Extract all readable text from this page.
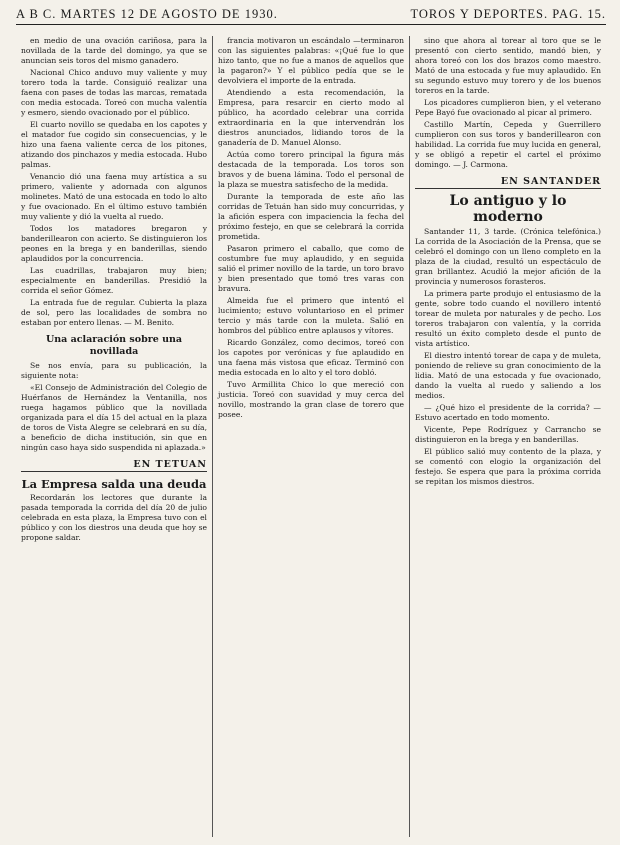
A B C. MARTES 12 DE AGOSTO DE 1930.	TOROS Y DEPORTES. PAG. 15.

en medio de una ovación cariñosa, para la novillada de la tarde del domingo, ya que se anuncian seis toros del mismo ganadero.

Nacional Chico anduvo muy valiente y muy torero toda la tarde. Consiguió realizar una faena con pases de todas las marcas, rematada con media estocada. Toreó con mucha valentía y esmero, siendo ovacionado por el público.

El cuarto novillo se quedaba en los capotes y el matador fue cogido sin consecuencias, y le hizo una faena valiente cerca de los pitones, atizando dos pinchazos y media estocada. Hubo palmas.

Venancio dió una faena muy artística a su primero, valiente y adornada con algunos molinetes. Mató de una estocada en todo lo alto y fue ovacionado. En el último estuvo también muy valiente y dió la vuelta al ruedo.

Todos los matadores bregaron y banderillearon con acierto. Se distinguieron los peones en la brega y en banderillas, siendo aplaudidos por la concurrencia.

Las cuadrillas, trabajaron muy bien; especialmente en banderillas. Presidió la corrida el señor Gómez.

La entrada fue de regular. Cubierta la plaza de sol, pero las localidades de sombra no estaban por entero llenas. — M. Benito.

Una aclaración sobre una novillada

Se nos envía, para su publicación, la siguiente nota:

«El Consejo de Administración del Colegio de Huérfanos de Hernández la Ventanilla, nos ruega hagamos público que la novillada organizada para el día 15 del actual en la plaza de toros de Vista Alegre se celebrará en su día, a beneficio de dicha institución, sin que en ningún caso haya sido suspendida ni aplazada.»

EN TETUAN
La Empresa salda una deuda

Recordarán los lectores que durante la pasada temporada la corrida del día 20 de julio celebrada en esta plaza, la Empresa tuvo con el público y con los diestros una deuda que hoy se propone saldar.

francia motivaron un escándalo —terminaron con las siguientes palabras: «¡Qué fue lo que hizo tanto, que no fue a manos de aquellos que la pagaron?» Y el público pedía que se le devolviera el importe de la entrada.

Atendiendo a esta recomendación, la Empresa, para resarcir en cierto modo al público, ha acordado celebrar una corrida extraordinaria en la que intervendrán los diestros anunciados, lidiando toros de la ganadería de D. Manuel Alonso.

Actúa como torero principal la figura más destacada de la temporada. Los toros son bravos y de buena lámina. Todo el personal de la plaza se muestra satisfecho de la medida.

Durante la temporada de este año las corridas de Tetuán han sido muy concurridas, y la afición espera con impaciencia la fecha del próximo festejo, en que se celebrará la corrida prometida.

Pasaron primero el caballo, que como de costumbre fue muy aplaudido, y en seguida salió el primer novillo de la tarde, un toro bravo y bien presentado que tomó tres varas con bravura.

Almeida fue el primero que intentó el lucimiento; estuvo voluntarioso en el primer tercio y más tarde con la muleta. Salió en hombros del público entre aplausos y vítores.

Ricardo González, como decimos, toreó con los capotes por verónicas y fue aplaudido en una faena más vistosa que eficaz. Terminó con media estocada en lo alto y el toro dobló.

Tuvo Armillita Chico lo que mereció con justicia. Toreó con suavidad y muy cerca del novillo, mostrando la gran clase de torero que posee.

sino que ahora al torear al toro que se le presentó con cierto sentido, mandó bien, y ahora toreó con los dos brazos como maestro. Mató de una estocada y fue muy aplaudido. En su segundo estuvo muy torero y de los buenos toreros en la tarde.

Los picadores cumplieron bien, y el veterano Pepe Bayó fue ovacionado al picar al primero.

Castillo Martín, Cepeda y Guerrillero cumplieron con sus toros y banderillearon con habilidad. La corrida fue muy lucida en general, y se obligó a repetir el cartel el próximo domingo. — J. Carmona.

EN SANTANDER
Lo antiguo y lo moderno

Santander 11, 3 tarde. (Crónica telefónica.) La corrida de la Asociación de la Prensa, que se celebró el domingo con un lleno completo en la plaza de la ciudad, resultó un espectáculo de gran brillantez. Acudió la mejor afición de la provincia y numerosos forasteros.

La primera parte produjo el entusiasmo de la gente, sobre todo cuando el novillero intentó torear de muleta por naturales y de pecho. Los toreros trabajaron con valentía, y la corrida resultó un éxito completo desde el punto de vista artístico.

El diestro intentó torear de capa y de muleta, poniendo de relieve su gran conocimiento de la lidia. Mató de una estocada y fue ovacionado, dando la vuelta al ruedo y saliendo a los medios.

— ¿Qué hizo el presidente de la corrida? — Estuvo acertado en todo momento.

Vicente, Pepe Rodríguez y Carrancho se distinguieron en la brega y en banderillas.

El público salió muy contento de la plaza, y se comentó con elogio la organización del festejo. Se espera que para la próxima corrida se repitan los mismos diestros.
